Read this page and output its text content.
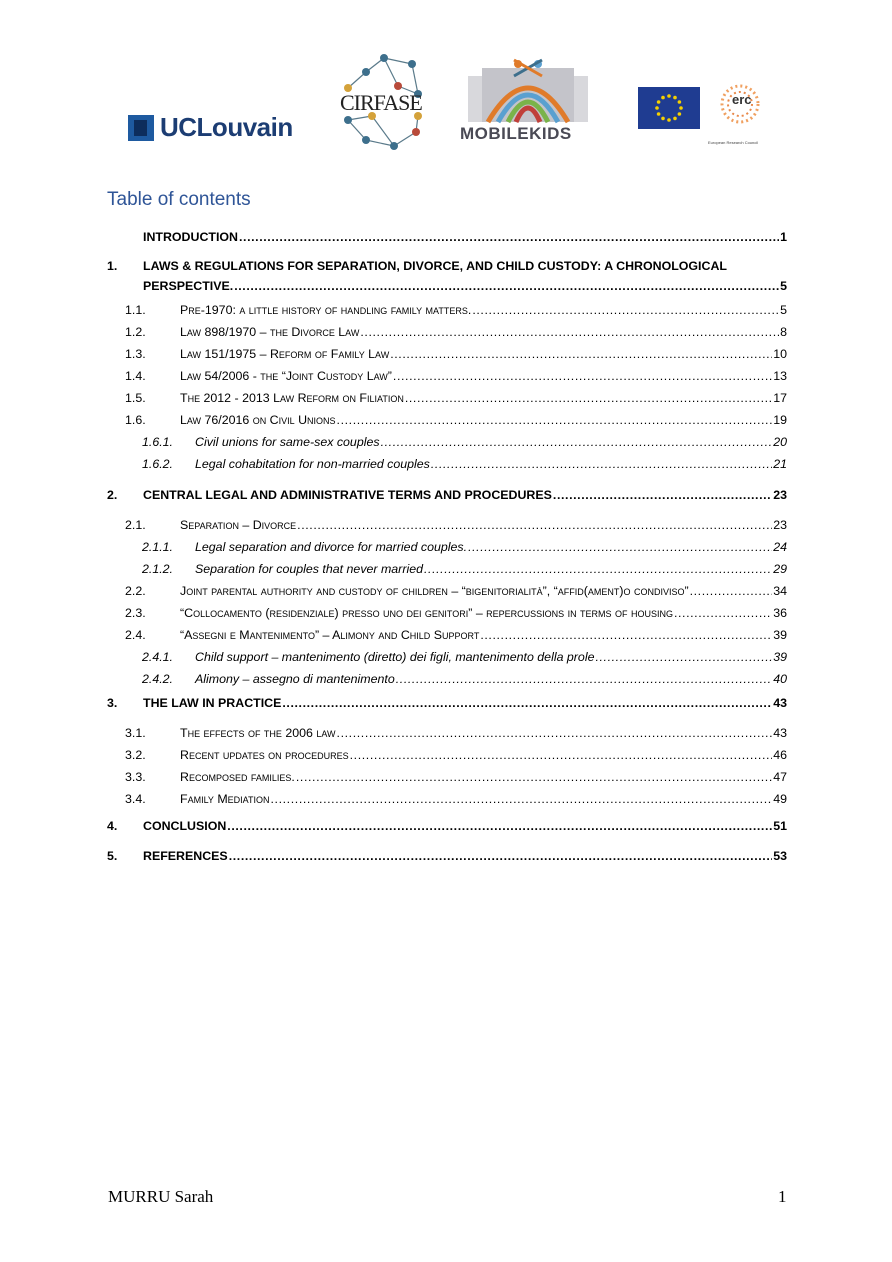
UCLouvain
CIRFASE
MOBILEKIDS
erc
European Research Council
Table of contents
INTRODUCTION .....	1
1.	LAWS & REGULATIONS FOR SEPARATION, DIVORCE, AND CHILD CUSTODY: A CHRONOLOGICAL
PERSPECTIVE. .....	5
1.1.	Pre-1970: a little history of handling family matters. .....	5
1.2.	Law 898/1970 – the Divorce Law .....	8
1.3.	Law 151/1975 – Reform of Family Law .....	10
1.4.	Law 54/2006 - the “Joint Custody Law” .....	13
1.5.	The 2012 - 2013 Law Reform on Filiation .....	17
1.6.	Law 76/2016 on Civil Unions .....	19
1.6.1.	Civil unions for same-sex couples .....	20
1.6.2.	Legal cohabitation for non-married couples .....	21
2.	CENTRAL LEGAL AND ADMINISTRATIVE TERMS AND PROCEDURES .....	23
2.1.	Separation – Divorce .....	23
2.1.1.	Legal separation and divorce for married couples. .....	24
2.1.2.	Separation for couples that never married .....	29
2.2.	Joint parental authority and custody of children – “bigenitorialità”, “affid(ament)o condiviso” .....	34
2.3.	“Collocamento (residenziale) presso uno dei genitori” – repercussions in terms of housing .....	36
2.4.	“Assegni e Mantenimento” – Alimony and Child Support .....	39
2.4.1.	Child support – mantenimento (diretto) dei figli, mantenimento della prole .....	39
2.4.2.	Alimony – assegno di mantenimento .....	40
3.	THE LAW IN PRACTICE .....	43
3.1.	The effects of the 2006 law .....	43
3.2.	Recent updates on procedures .....	46
3.3.	Recomposed families. .....	47
3.4.	Family Mediation .....	49
4.	CONCLUSION .....	51
5.	REFERENCES .....	53
MURRU Sarah	1
